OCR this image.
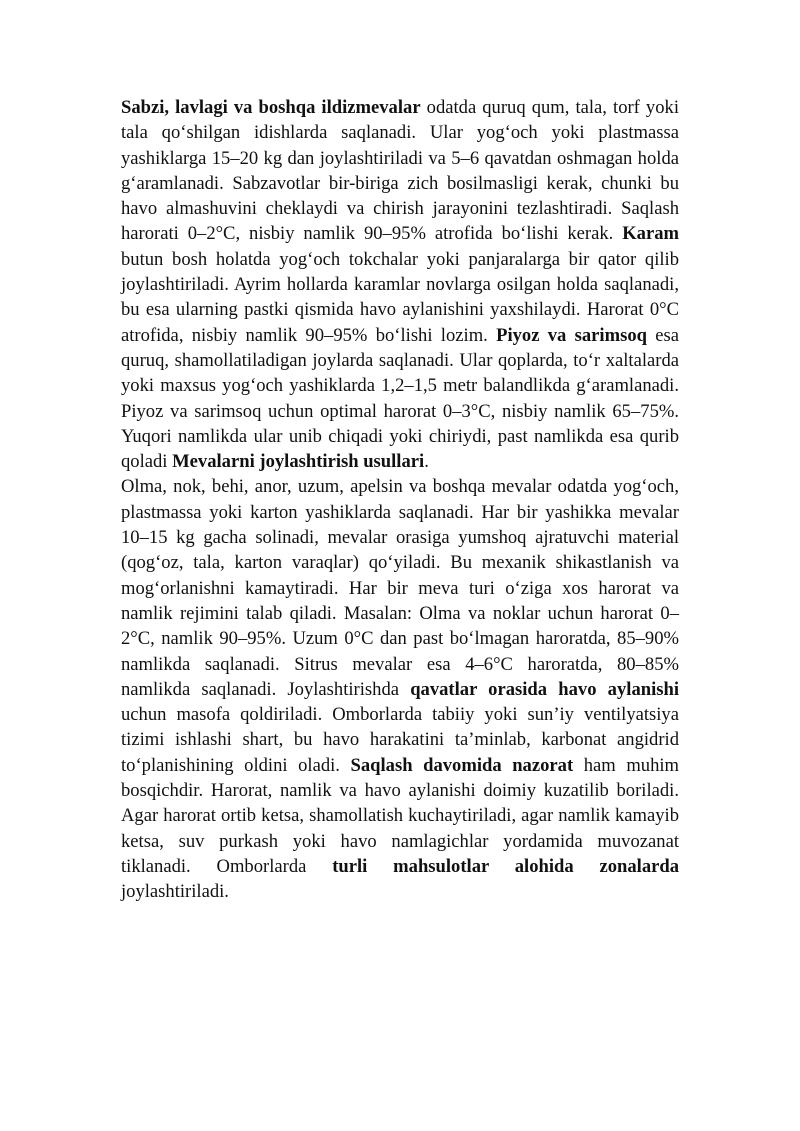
Sabzi, lavlagi va boshqa ildizmevalar odatda quruq qum, tala, torf yoki tala qo‘shilgan idishlarda saqlanadi. Ular yog‘och yoki plastmassa yashiklarga 15–20 kg dan joylashtiriladi va 5–6 qavatdan oshmagan holda g‘aramlanadi. Sabzavotlar bir-biriga zich bosilmasligi kerak, chunki bu havo almashuvini cheklaydi va chirish jarayonini tezlashtiradi. Saqlash harorati 0–2°C, nisbiy namlik 90–95% atrofida bo‘lishi kerak. Karam butun bosh holatda yog‘och tokchalar yoki panjaralarga bir qator qilib joylashtiriladi. Ayrim hollarda karamlar novlarga osilgan holda saqlanadi, bu esa ularning pastki qismida havo aylanishini yaxshilaydi. Harorat 0°C atrofida, nisbiy namlik 90–95% bo‘lishi lozim. Piyoz va sarimsoq esa quruq, shamollatiladigan joylarda saqlanadi. Ular qoplarda, to‘r xaltalarda yoki maxsus yog‘och yashiklarda 1,2–1,5 metr balandlikda g‘aramlanadi. Piyoz va sarimsoq uchun optimal harorat 0–3°C, nisbiy namlik 65–75%. Yuqori namlikda ular unib chiqadi yoki chiriydi, past namlikda esa qurib qoladi Mevalarni joylashtirish usullari.

Olma, nok, behi, anor, uzum, apelsin va boshqa mevalar odatda yog‘och, plastmassa yoki karton yashiklarda saqlanadi. Har bir yashikka mevalar 10–15 kg gacha solinadi, mevalar orasiga yumshoq ajratuvchi material (qog‘oz, tala, karton varaqlar) qo‘yiladi. Bu mexanik shikastlanish va mog‘orlanishni kamaytiradi. Har bir meva turi o‘ziga xos harorat va namlik rejimini talab qiladi. Masalan: Olma va noklar uchun harorat 0–2°C, namlik 90–95%. Uzum 0°C dan past bo‘lmagan haroratda, 85–90% namlikda saqlanadi. Sitrus mevalar esa 4–6°C haroratda, 80–85% namlikda saqlanadi. Joylashtirishda qavatlar orasida havo aylanishi uchun masofa qoldiriladi. Omborlarda tabiiy yoki sun’iy ventilyatsiya tizimi ishlashi shart, bu havo harakatini ta’minlab, karbonat angidrid to‘planishining oldini oladi. Saqlash davomida nazorat ham muhim bosqichdir. Harorat, namlik va havo aylanishi doimiy kuzatilib boriladi. Agar harorat ortib ketsa, shamollatish kuchaytiriladi, agar namlik kamayib ketsa, suv purkash yoki havo namlagichlar yordamida muvozanat tiklanadi. Omborlarda turli mahsulotlar alohida zonalarda joylashtiriladi.
